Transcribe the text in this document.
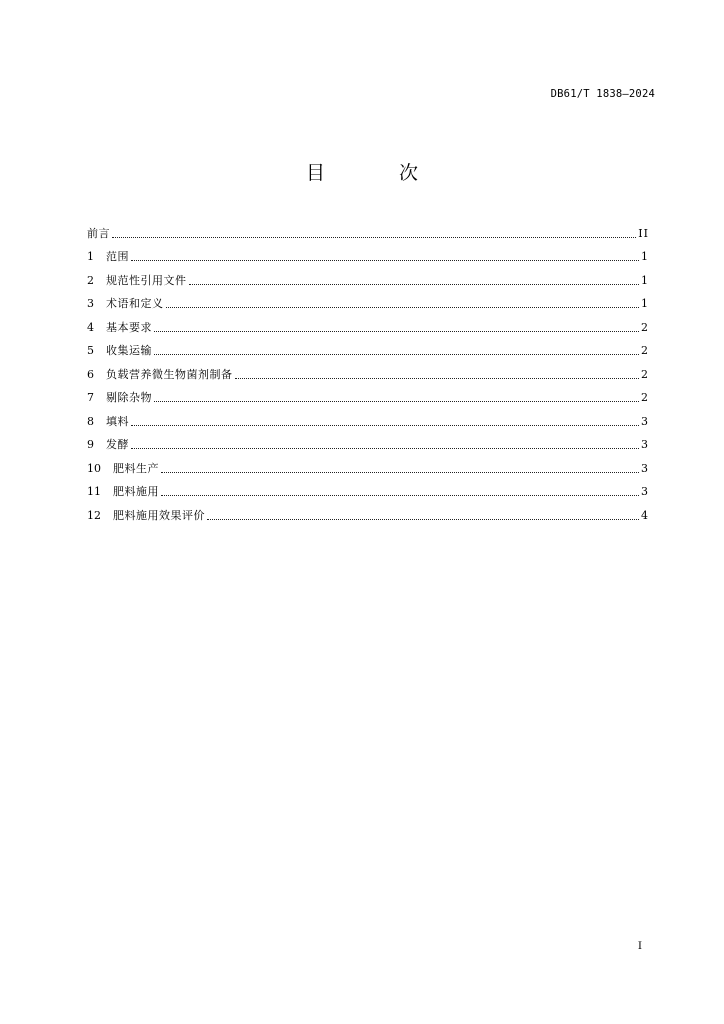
DB61/T 1838—2024
目 次
前言	II
1	范围	1
2	规范性引用文件	1
3	术语和定义	1
4	基本要求	2
5	收集运输	2
6	负载营养微生物菌剂制备	2
7	剔除杂物	2
8	填料	3
9	发酵	3
10	肥料生产	3
11	肥料施用	3
12	肥料施用效果评价	4
I
